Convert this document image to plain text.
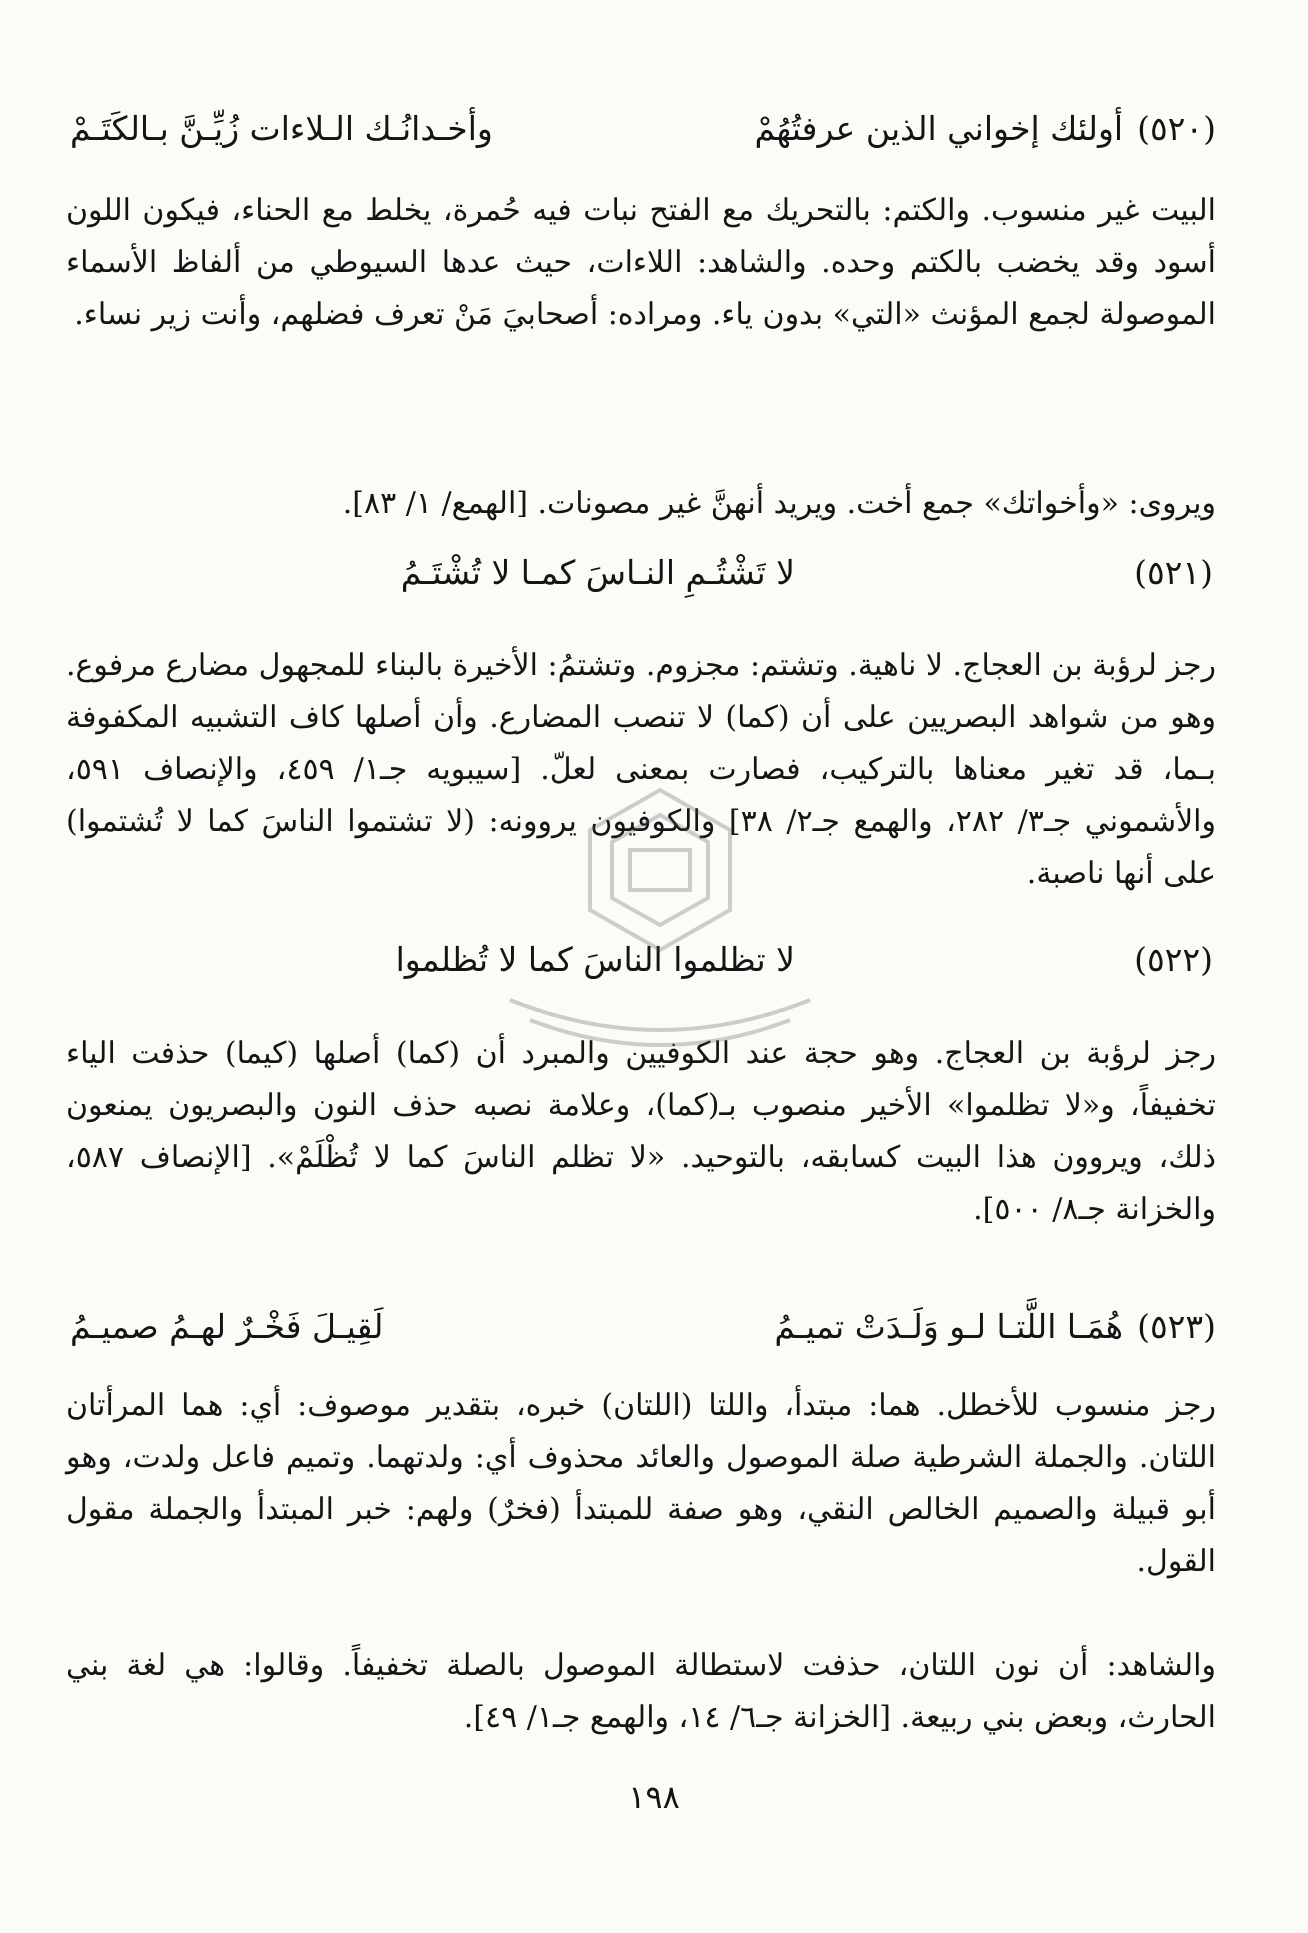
(٥٢٠)
أولئك إخواني الذين عرفتُهُمْ
وأخـدانُـك الـلاءات زُيِّـنَّ بـالكَتَـمْ
البيت غير منسوب. والكتم: بالتحريك مع الفتح نبات فيه حُمرة، يخلط مع الحناء، فيكون اللون أسود وقد يخضب بالكتم وحده. والشاهد: اللاءات، حيث عدها السيوطي من ألفاظ الأسماء الموصولة لجمع المؤنث «التي» بدون ياء. ومراده: أصحابيَ مَنْ تعرف فضلهم، وأنت زير نساء.
ويروى: «وأخواتك» جمع أخت. ويريد أنهنَّ غير مصونات. [الهمع/ ١/ ٨٣].
(٥٢١)
لا تَشْتُـمِ النـاسَ كمـا لا تُشْتَـمُ
رجز لرؤبة بن العجاج. لا ناهية. وتشتم: مجزوم. وتشتمُ: الأخيرة بالبناء للمجهول مضارع مرفوع. وهو من شواهد البصريين على أن (كما) لا تنصب المضارع. وأن أصلها كاف التشبيه المكفوفة بـما، قد تغير معناها بالتركيب، فصارت بمعنى لعلّ. [سيبويه جـ١/ ٤٥٩، والإنصاف ٥٩١، والأشموني جـ٣/ ٢٨٢، والهمع جـ٢/ ٣٨] والكوفيون يروونه: (لا تشتموا الناسَ كما لا تُشتموا) على أنها ناصبة.
(٥٢٢)
لا تظلموا الناسَ كما لا تُظلموا
رجز لرؤبة بن العجاج. وهو حجة عند الكوفيين والمبرد أن (كما) أصلها (كيما) حذفت الياء تخفيفاً، و«لا تظلموا» الأخير منصوب بـ(كما)، وعلامة نصبه حذف النون والبصريون يمنعون ذلك، ويروون هذا البيت كسابقه، بالتوحيد. «لا تظلم الناسَ كما لا تُظْلَمْ». [الإنصاف ٥٨٧، والخزانة جـ٨/ ٥٠٠].
(٥٢٣)
هُمَـا اللَّتـا لـو وَلَـدَتْ تميـمُ
لَقِيـلَ فَخْـرٌ لهـمُ صميـمُ
رجز منسوب للأخطل. هما: مبتدأ، واللتا (اللتان) خبره، بتقدير موصوف: أي: هما المرأتان اللتان. والجملة الشرطية صلة الموصول والعائد محذوف أي: ولدتهما. وتميم فاعل ولدت، وهو أبو قبيلة والصميم الخالص النقي، وهو صفة للمبتدأ (فخرٌ) ولهم: خبر المبتدأ والجملة مقول القول.
والشاهد: أن نون اللتان، حذفت لاستطالة الموصول بالصلة تخفيفاً. وقالوا: هي لغة بني الحارث، وبعض بني ربيعة. [الخزانة جـ٦/ ١٤، والهمع جـ١/ ٤٩].
١٩٨
